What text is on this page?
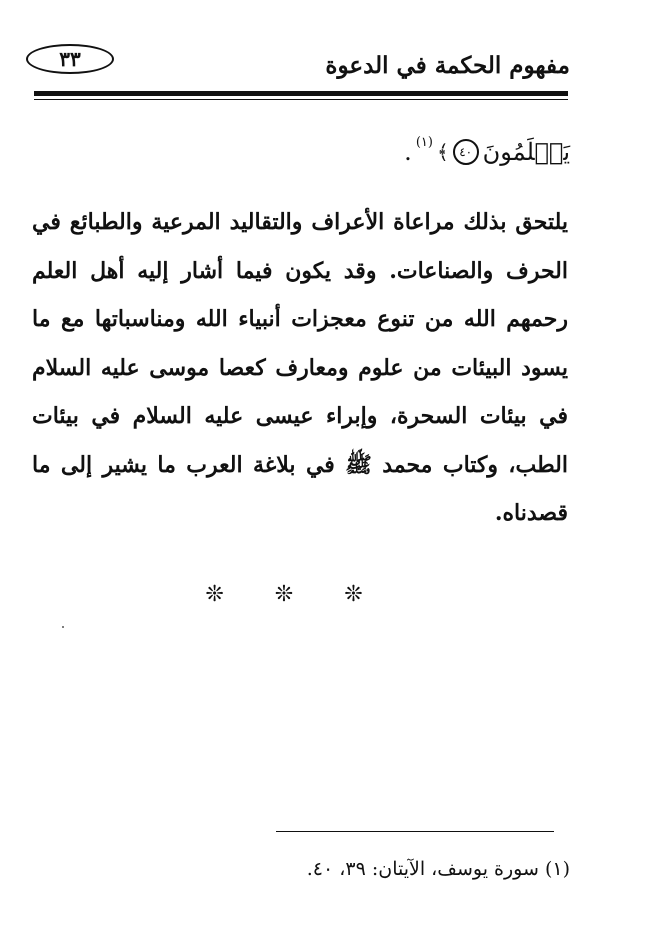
٣٣	مفهوم الحكمة في الدعوة
يَعۡلَمُونَ
٤٠
﴾
(١)
.
يلتحق بذلك مراعاة الأعراف والتقاليد المرعية والطبائع في الحرف والصناعات. وقد يكون فيما أشار إليه أهل العلم رحمهم الله من تنوع معجزات أنبياء الله ومناسباتها مع ما يسود البيئات من علوم ومعارف كعصا موسى عليه السلام في بيئات السحرة، وإبراء عيسى عليه السلام في بيئات الطب، وكتاب محمد ﷺ في بلاغة العرب ما يشير إلى ما قصدناه.
❊ ❊ ❊
(١) سورة يوسف، الآيتان: ٣٩، ٤٠.
